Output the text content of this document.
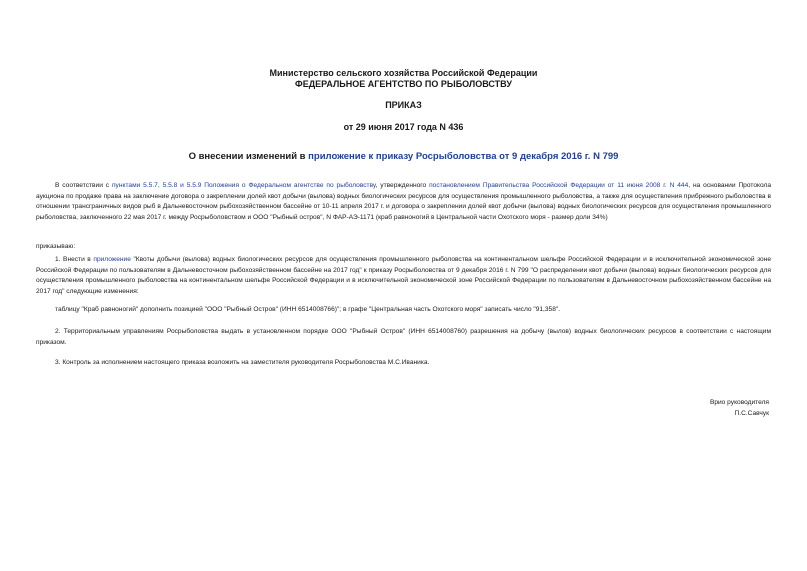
Министерство сельского хозяйства Российской Федерации
ФЕДЕРАЛЬНОЕ АГЕНТСТВО ПО РЫБОЛОВСТВУ
ПРИКАЗ
от 29 июня 2017 года N 436
О внесении изменений в приложение к приказу Росрыболовства от 9 декабря 2016 г. N 799
В соответствии с пунктами 5.5.7, 5.5.8 и 5.5.9 Положения о Федеральном агентстве по рыболовству, утвержденного постановлением Правительства Российской Федерации от 11 июня 2008 г. N 444, на основании Протокола аукциона по продаже права на заключение договора о закреплении долей квот добычи (вылова) водных биологических ресурсов для осуществления промышленного рыболовства, а также для осуществления прибрежного рыболовства в отношении трансграничных видов рыб в Дальневосточном рыбохозяйственном бассейне от 10-11 апреля 2017 г. и договора о закреплении долей квот добычи (вылова) водных биологических ресурсов для осуществления промышленного рыболовства, заключенного 22 мая 2017 г. между Росрыболовством и ООО "Рыбный остров", N ФАР-АЭ-1171 (краб равноногий в Центральной части Охотского моря - размер доли 34%)
приказываю:
1. Внести в приложение "Квоты добычи (вылова) водных биологических ресурсов для осуществления промышленного рыболовства на континентальном шельфе Российской Федерации и в исключительной экономической зоне Российской Федерации по пользователям в Дальневосточном рыбохозяйственном бассейне на 2017 год" к приказу Росрыболовства от 9 декабря 2016 г. N 799 "О распределении квот добычи (вылова) водных биологических ресурсов для осуществления промышленного рыболовства на континентальном шельфе Российской Федерации и в исключительной экономической зоне Российской Федерации по пользователям в Дальневосточном рыбохозяйственном бассейне на 2017 год" следующие изменения:
таблицу "Краб равноногий" дополнить позицией "ООО "Рыбный Остров" (ИНН 6514008766)"; в графе "Центральная часть Охотского моря" записать число "91,358".
2. Территориальным управлениям Росрыболовства выдать в установленном порядке ООО "Рыбный Остров" (ИНН 6514008760) разрешения на добычу (вылов) водных биологических ресурсов в соответствии с настоящим приказом.
3. Контроль за исполнением настоящего приказа возложить на заместителя руководителя Росрыболовства М.С.Иваника.
Врио руководителя
П.С.Савчук
